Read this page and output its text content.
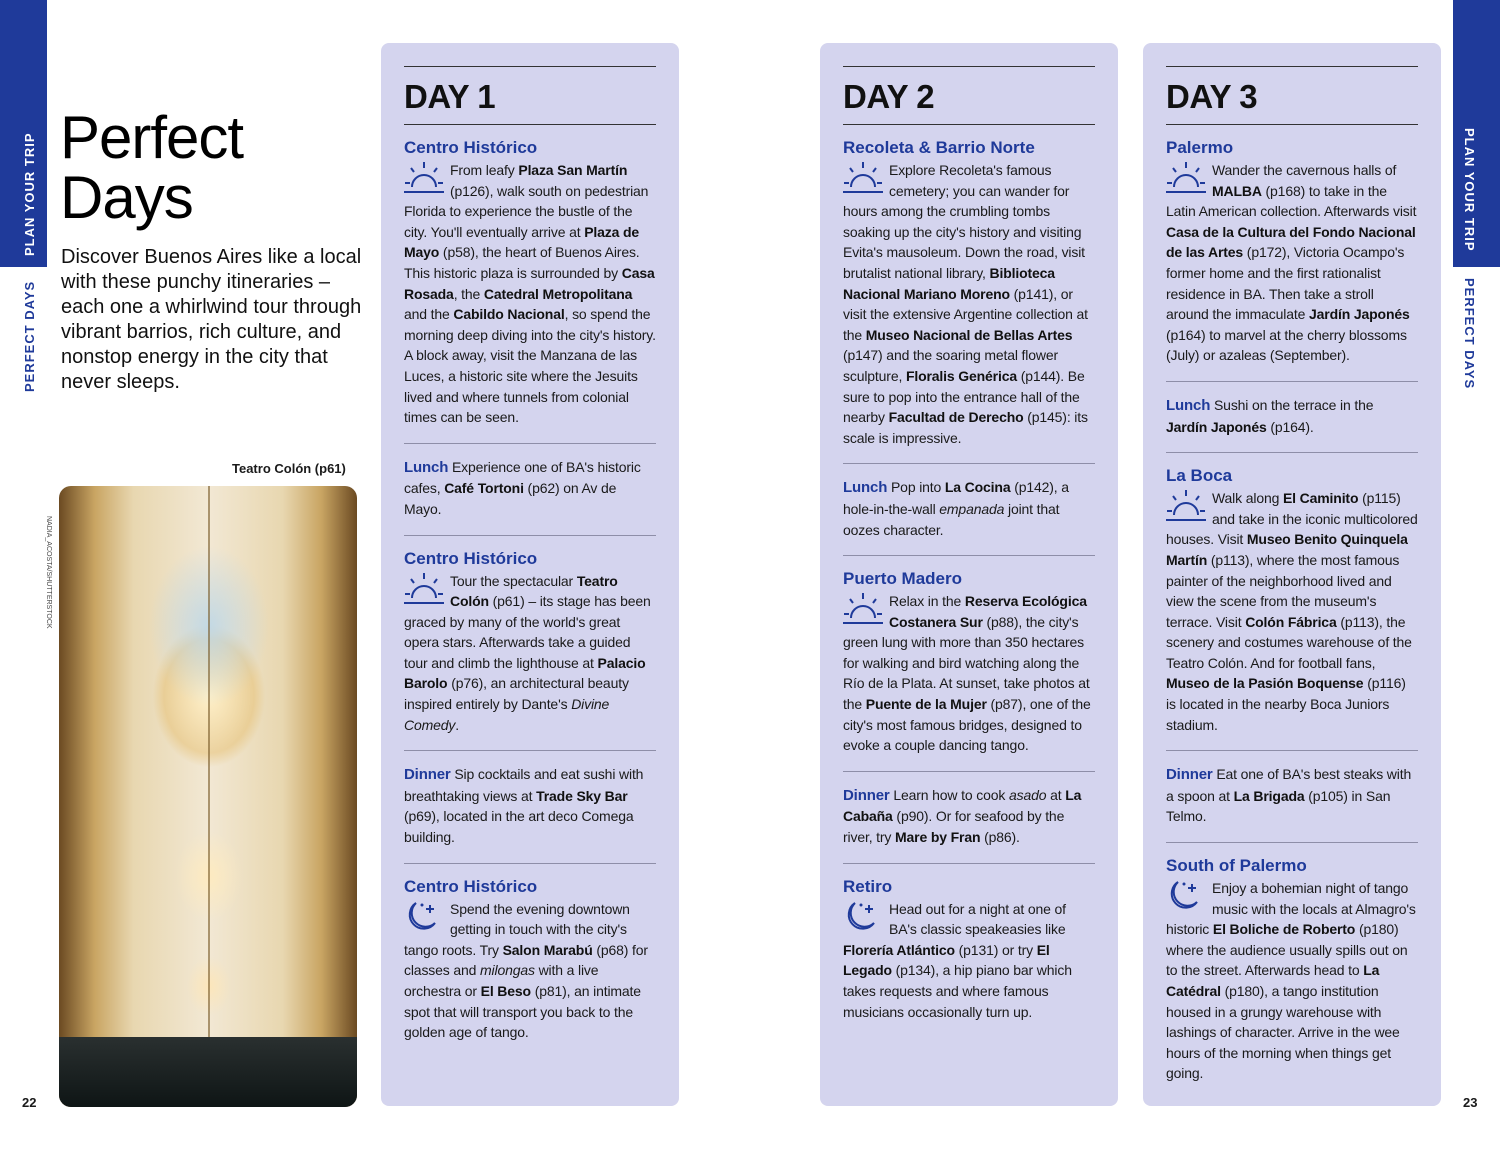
PLAN YOUR TRIP
PERFECT DAYS
PLAN YOUR TRIP
PERFECT DAYS
Perfect
Days
Discover Buenos Aires like a local with these punchy itineraries – each one a whirlwind tour through vibrant barrios, rich culture, and nonstop energy in the city that never sleeps.
Teatro Colón (p61)
NADIA_ACOSTA/SHUTTERSTOCK
22	23
DAY 1
Centro Histórico
From leafy Plaza San Martín (p126), walk south on pedestrian Florida to experience the bustle of the city. You'll eventually arrive at Plaza de Mayo (p58), the heart of Buenos Aires. This historic plaza is surrounded by Casa Rosada, the Catedral Metropolitana and the Cabildo Nacional, so spend the morning deep diving into the city's history. A block away, visit the Manzana de las Luces, a historic site where the Jesuits lived and where tunnels from colonial times can be seen.
Lunch Experience one of BA's historic cafes, Café Tortoni (p62) on Av de Mayo.
Centro Histórico
Tour the spectacular Teatro Colón (p61) – its stage has been graced by many of the world's great opera stars. Afterwards take a guided tour and climb the lighthouse at Palacio Barolo (p76), an architectural beauty inspired entirely by Dante's Divine Comedy.
Dinner Sip cocktails and eat sushi with breathtaking views at Trade Sky Bar (p69), located in the art deco Comega building.
Centro Histórico
Spend the evening downtown getting in touch with the city's tango roots. Try Salon Marabú (p68) for classes and milongas with a live orchestra or El Beso (p81), an intimate spot that will transport you back to the golden age of tango.
DAY 2
Recoleta & Barrio Norte
Explore Recoleta's famous cemetery; you can wander for hours among the crumbling tombs soaking up the city's history and visiting Evita's mausoleum. Down the road, visit brutalist national library, Biblioteca Nacional Mariano Moreno (p141), or visit the extensive Argentine collection at the Museo Nacional de Bellas Artes (p147) and the soaring metal flower sculpture, Floralis Genérica (p144). Be sure to pop into the entrance hall of the nearby Facultad de Derecho (p145): its scale is impressive.
Lunch Pop into La Cocina (p142), a hole-in-the-wall empanada joint that oozes character.
Puerto Madero
Relax in the Reserva Ecológica Costanera Sur (p88), the city's green lung with more than 350 hectares for walking and bird watching along the Río de la Plata. At sunset, take photos at the Puente de la Mujer (p87), one of the city's most famous bridges, designed to evoke a couple dancing tango.
Dinner Learn how to cook asado at La Cabaña (p90). Or for seafood by the river, try Mare by Fran (p86).
Retiro
Head out for a night at one of BA's classic speakeasies like Florería Atlántico (p131) or try El Legado (p134), a hip piano bar which takes requests and where famous musicians occasionally turn up.
DAY 3
Palermo
Wander the cavernous halls of MALBA (p168) to take in the Latin American collection. Afterwards visit Casa de la Cultura del Fondo Nacional de las Artes (p172), Victoria Ocampo's former home and the first rationalist residence in BA. Then take a stroll around the immaculate Jardín Japonés (p164) to marvel at the cherry blossoms (July) or azaleas (September).
Lunch Sushi on the terrace in the Jardín Japonés (p164).
La Boca
Walk along El Caminito (p115) and take in the iconic multicolored houses. Visit Museo Benito Quinquela Martín (p113), where the most famous painter of the neighborhood lived and view the scene from the museum's terrace. Visit Colón Fábrica (p113), the scenery and costumes warehouse of the Teatro Colón. And for football fans, Museo de la Pasión Boquense (p116) is located in the nearby Boca Juniors stadium.
Dinner Eat one of BA's best steaks with a spoon at La Brigada (p105) in San Telmo.
South of Palermo
Enjoy a bohemian night of tango music with the locals at Almagro's historic El Boliche de Roberto (p180) where the audience usually spills out on to the street. Afterwards head to La Catédral (p180), a tango institution housed in a grungy warehouse with lashings of character. Arrive in the wee hours of the morning when things get going.
